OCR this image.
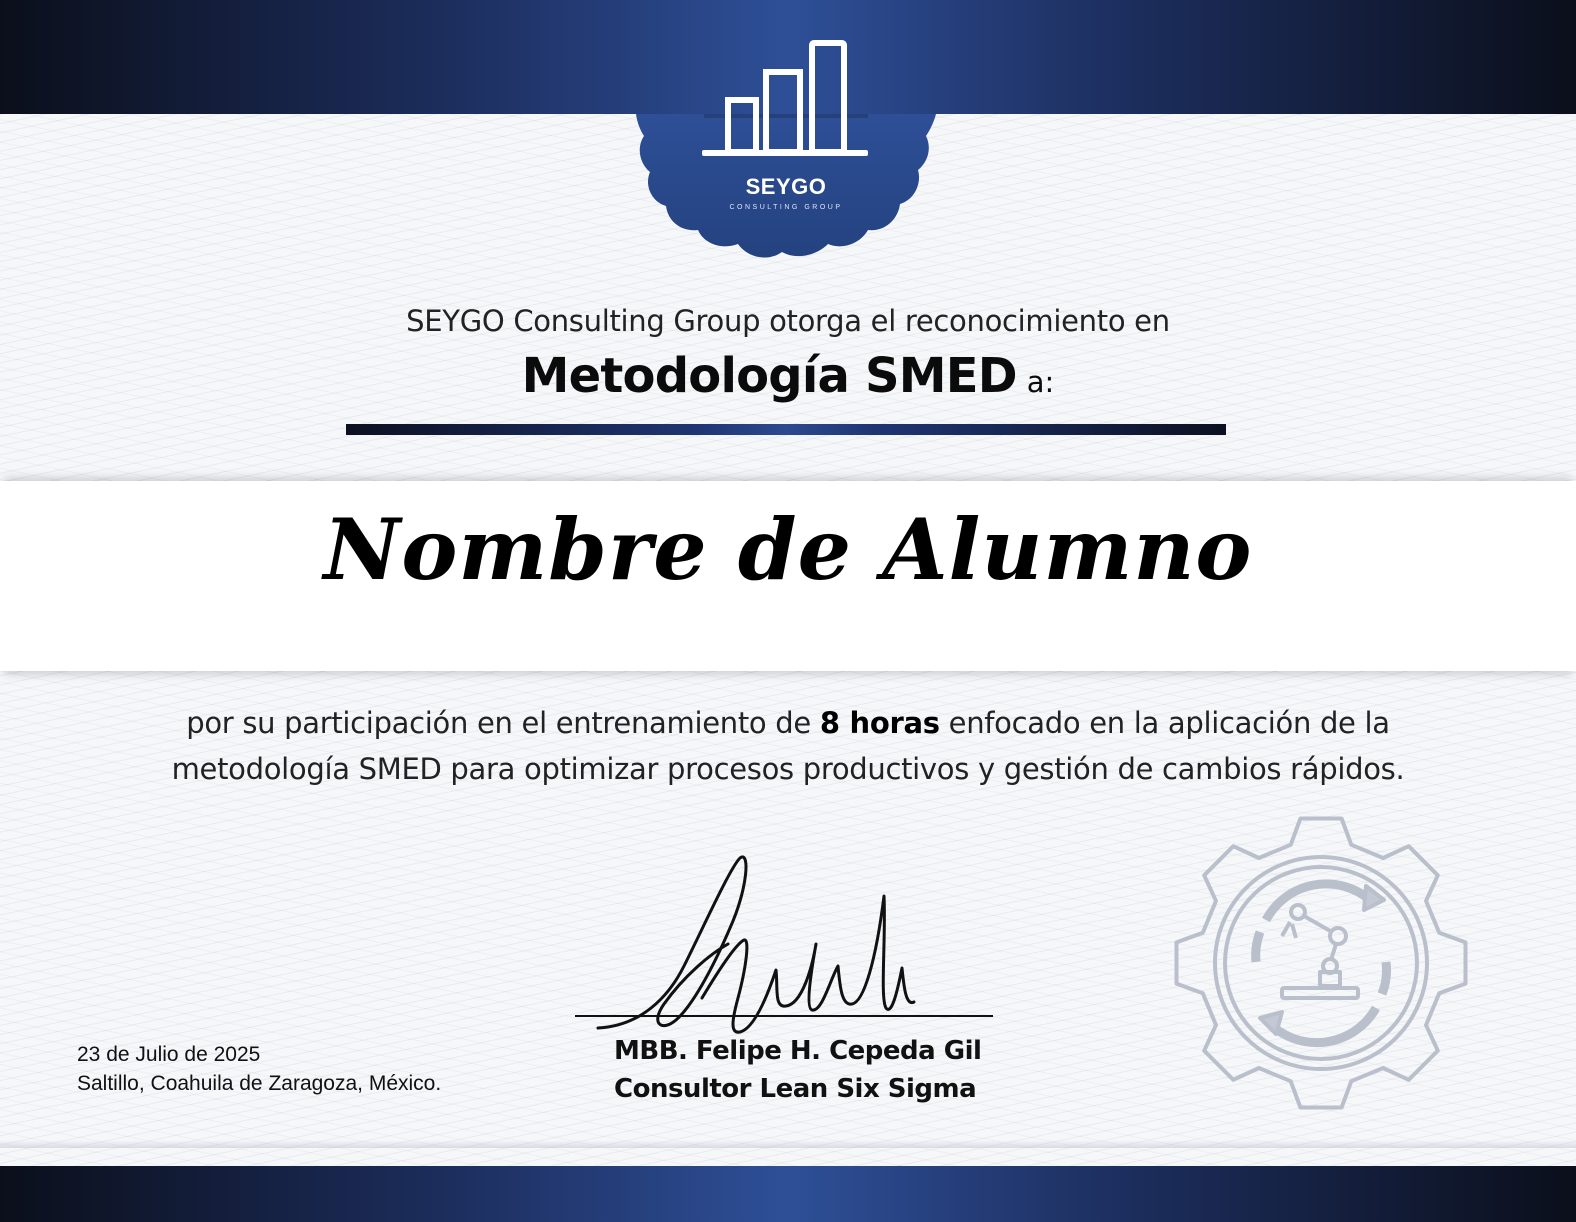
SEYGO
CONSULTING GROUP
SEYGO Consulting Group otorga el reconocimiento en
Metodología SMED a:
Nombre de Alumno
por su participación en el entrenamiento de 8 horas enfocado en la aplicación de la metodología SMED para optimizar procesos productivos y gestión de cambios rápidos.
23 de Julio de 2025
Saltillo, Coahuila de Zaragoza, México.
MBB. Felipe H. Cepeda Gil
Consultor Lean Six Sigma
